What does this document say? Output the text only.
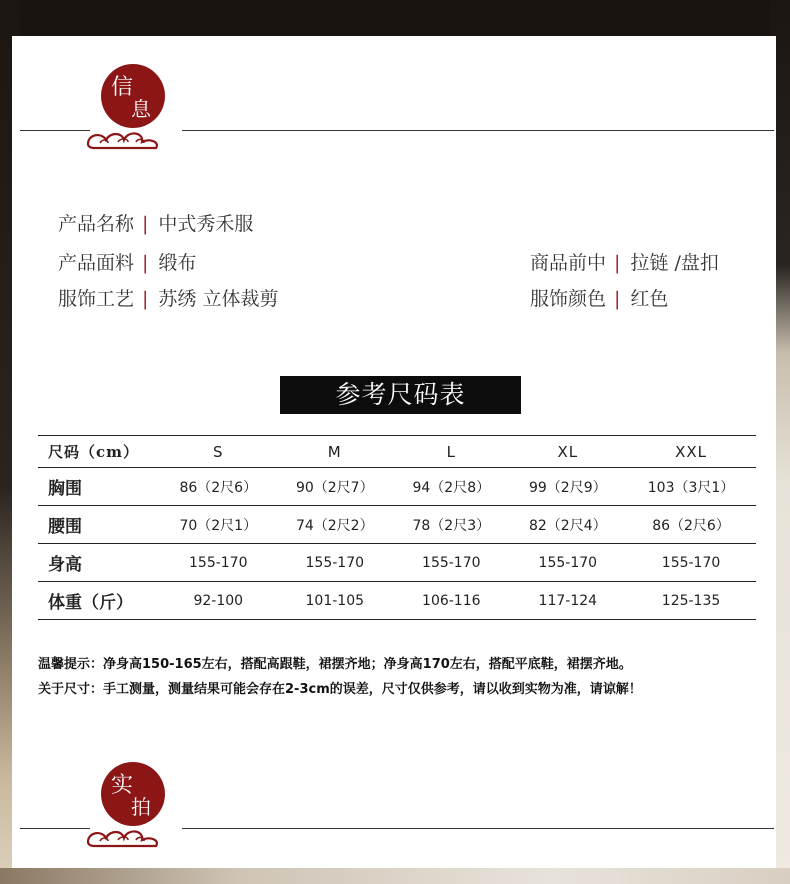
信
息
产品名称 | 中式秀禾服
产品面料 | 缎布
服饰工艺 | 苏绣 立体裁剪
商品前中 | 拉链 /盘扣
服饰颜色 | 红色
参考尺码表
尺码（cm）	S	M	L	XL	XXL
胸围	86（2尺6）	90（2尺7）	94（2尺8）	99（2尺9）	103（3尺1）
腰围	70（2尺1）	74（2尺2）	78（2尺3）	82（2尺4）	86（2尺6）
身高	155-170	155-170	155-170	155-170	155-170
体重（斤）	92-100	101-105	106-116	117-124	125-135
温馨提示：净身高150-165左右，搭配高跟鞋，裙摆齐地；净身高170左右，搭配平底鞋，裙摆齐地。
关于尺寸：手工测量，测量结果可能会存在2-3cm的误差，尺寸仅供参考，请以收到实物为准，请谅解！
实
拍
